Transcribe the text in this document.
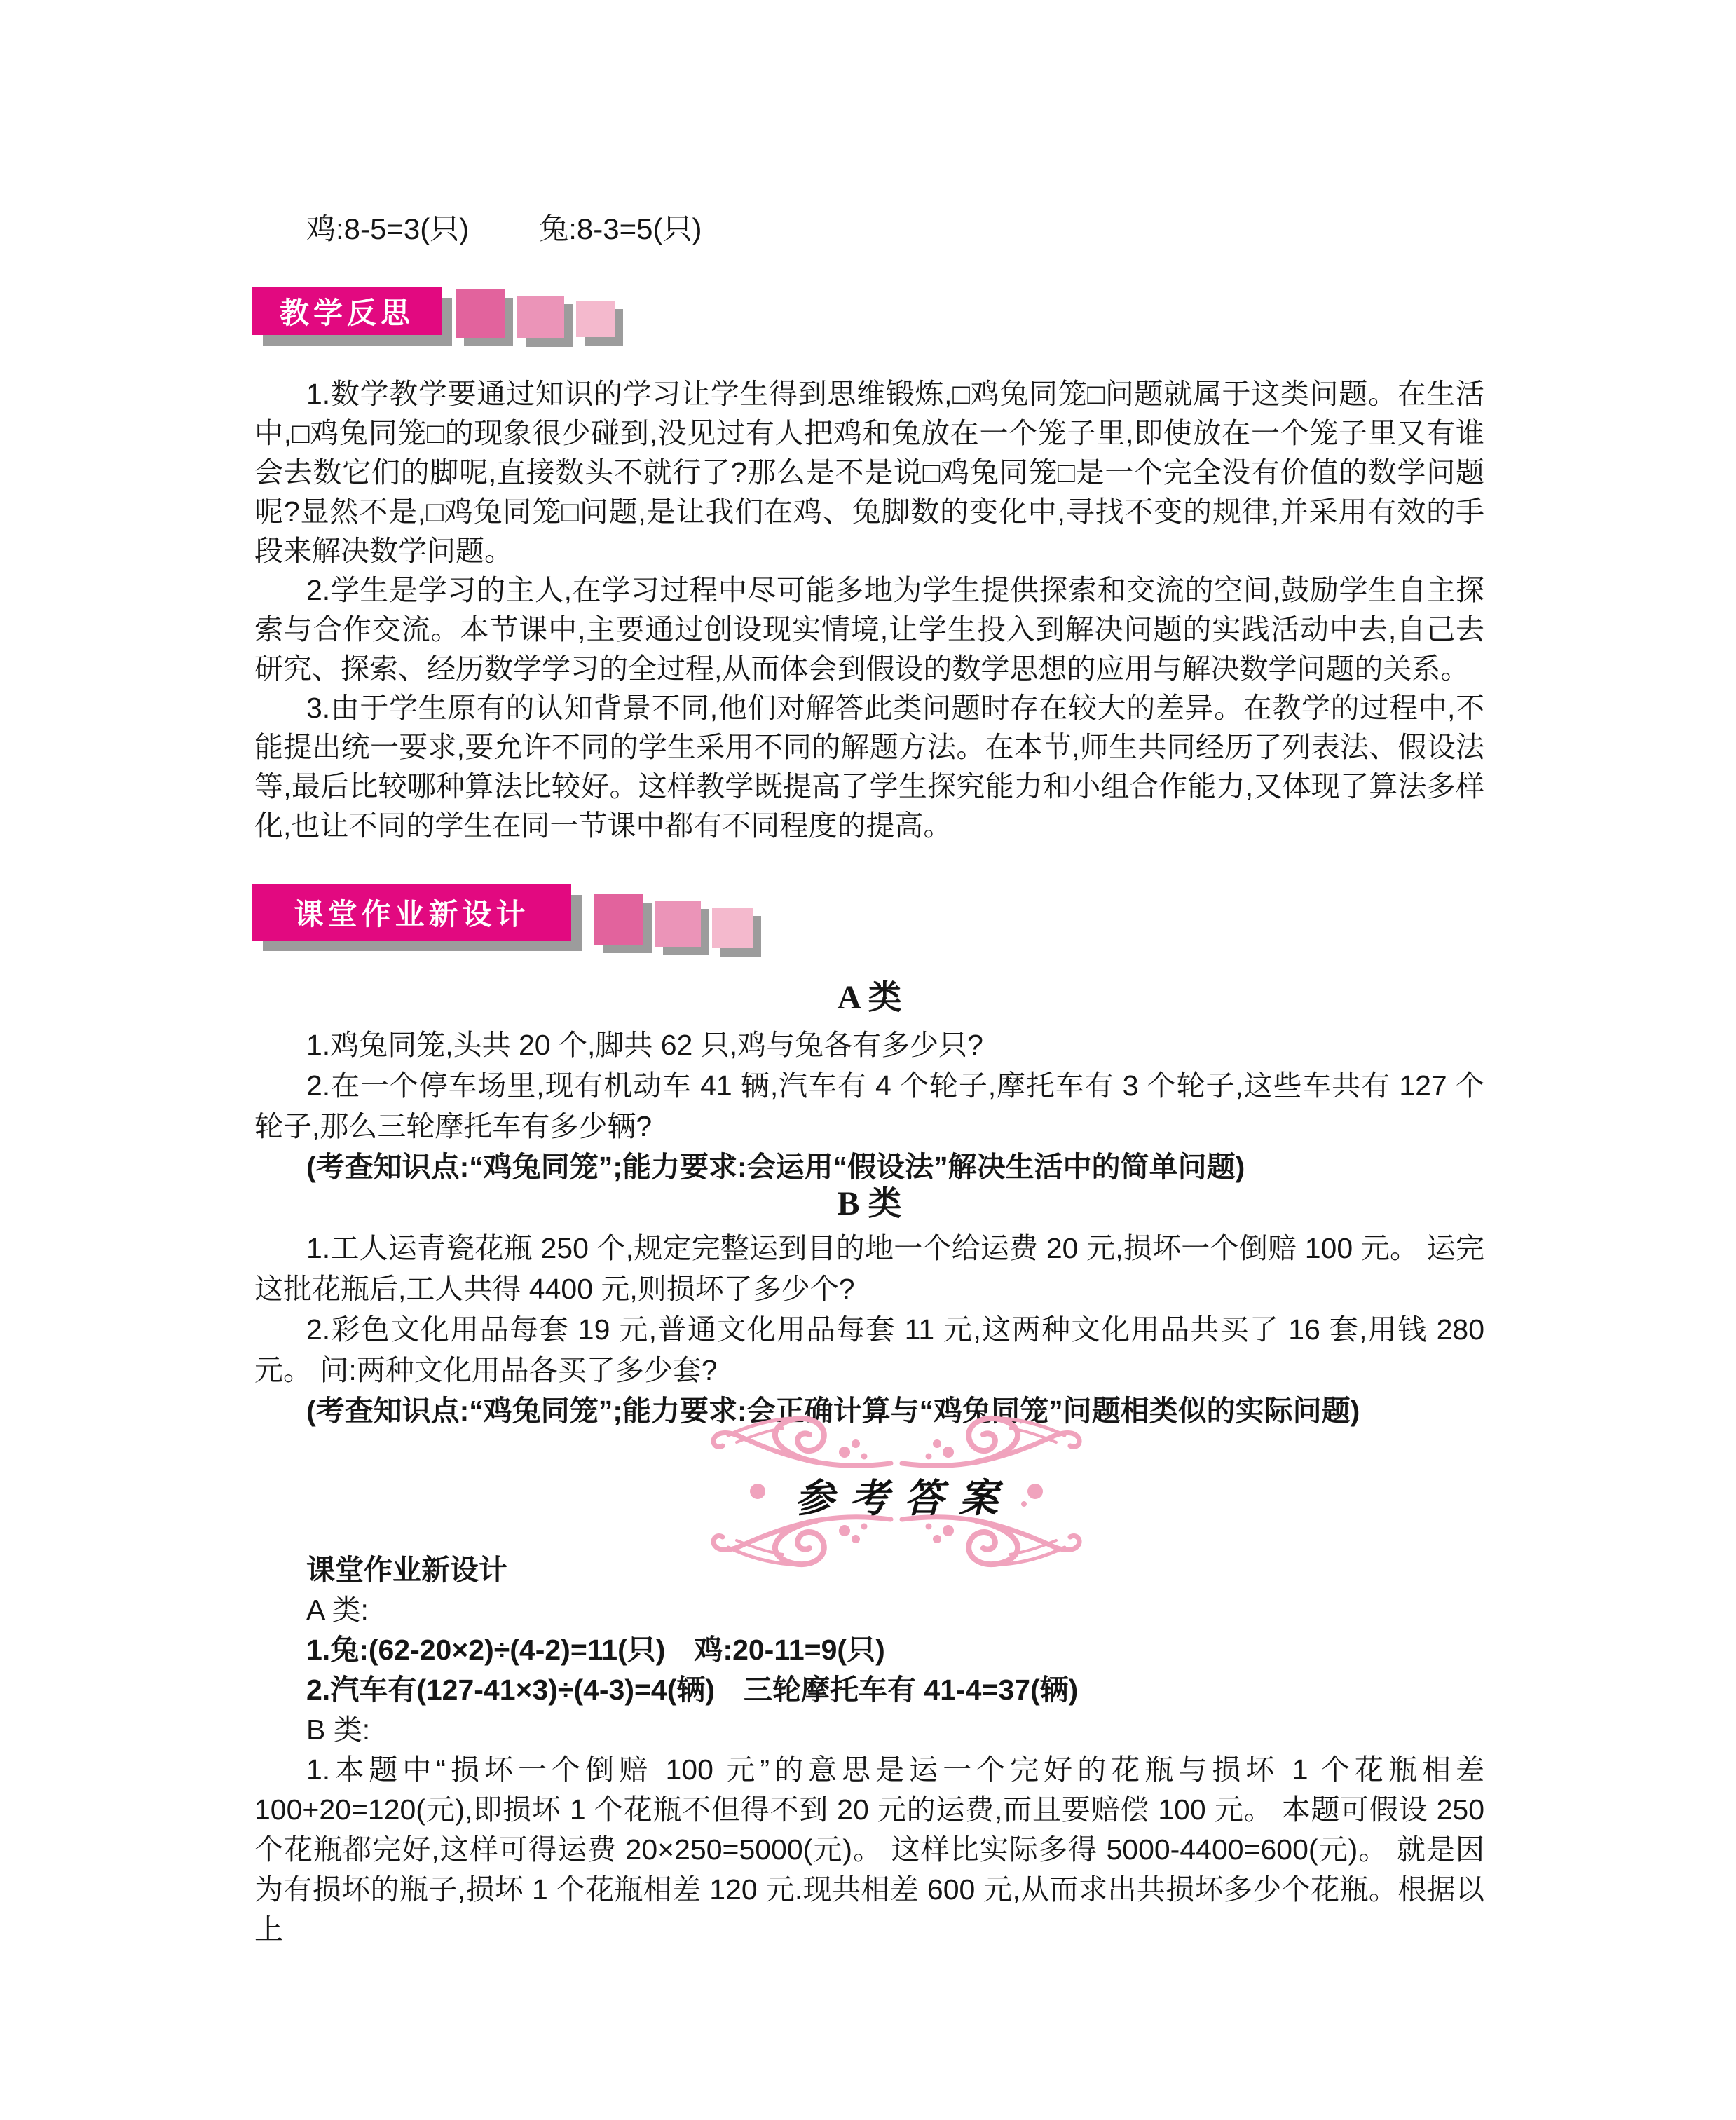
鸡:8-5=3(只) 兔:8-3=5(只)
教学反思

1.数学教学要通过知识的学习让学生得到思维锻炼,□鸡兔同笼□问题就属于这类问题。在生活中,□鸡兔同笼□的现象很少碰到,没见过有人把鸡和兔放在一个笼子里,即使放在一个笼子里又有谁会去数它们的脚呢,直接数头不就行了?那么是不是说□鸡兔同笼□是一个完全没有价值的数学问题呢?显然不是,□鸡兔同笼□问题,是让我们在鸡、兔脚数的变化中,寻找不变的规律,并采用有效的手段来解决数学问题。

2.学生是学习的主人,在学习过程中尽可能多地为学生提供探索和交流的空间,鼓励学生自主探索与合作交流。本节课中,主要通过创设现实情境,让学生投入到解决问题的实践活动中去,自己去研究、探索、经历数学学习的全过程,从而体会到假设的数学思想的应用与解决数学问题的关系。

3.由于学生原有的认知背景不同,他们对解答此类问题时存在较大的差异。在教学的过程中,不能提出统一要求,要允许不同的学生采用不同的解题方法。在本节,师生共同经历了列表法、假设法等,最后比较哪种算法比较好。这样教学既提高了学生探究能力和小组合作能力,又体现了算法多样化,也让不同的学生在同一节课中都有不同程度的提高。

课堂作业新设计
A 类

1.鸡兔同笼,头共 20 个,脚共 62 只,鸡与兔各有多少只?

2.在一个停车场里,现有机动车 41 辆,汽车有 4 个轮子,摩托车有 3 个轮子,这些车共有 127 个轮子,那么三轮摩托车有多少辆?

(考查知识点:“鸡兔同笼”;能力要求:会运用“假设法”解决生活中的简单问题)

B 类

1.工人运青瓷花瓶 250 个,规定完整运到目的地一个给运费 20 元,损坏一个倒赔 100 元。 运完这批花瓶后,工人共得 4400 元,则损坏了多少个?

2.彩色文化用品每套 19 元,普通文化用品每套 11 元,这两种文化用品共买了 16 套,用钱 280 元。 问:两种文化用品各买了多少套?

(考查知识点:“鸡兔同笼”;能力要求:会正确计算与“鸡兔同笼”问题相类似的实际问题)

参考答案

课堂作业新设计

A 类:

1.兔:(62-20×2)÷(4-2)=11(只)　鸡:20-11=9(只)

2.汽车有(127-41×3)÷(4-3)=4(辆)　三轮摩托车有 41-4=37(辆)

B 类:

1.本题中“损坏一个倒赔 100 元”的意思是运一个完好的花瓶与损坏 1 个花瓶相差 100+20=120(元),即损坏 1 个花瓶不但得不到 20 元的运费,而且要赔偿 100 元。 本题可假设 250 个花瓶都完好,这样可得运费 20×250=5000(元)。 这样比实际多得 5000-4400=600(元)。 就是因为有损坏的瓶子,损坏 1 个花瓶相差 120 元.现共相差 600 元,从而求出共损坏多少个花瓶。根据以上
